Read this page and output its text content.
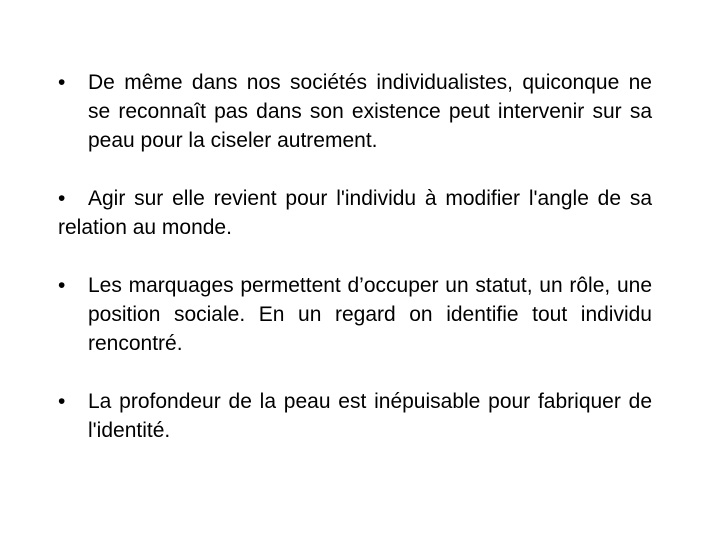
•	De même dans nos sociétés individualistes, quiconque ne se reconnaît pas dans son existence peut intervenir sur sa peau pour la ciseler autrement.
•	Agir sur elle revient pour l'individu à modifier l'angle de sa relation au monde.
•	Les marquages permettent d’occuper un statut, un rôle, une position sociale. En un regard on identifie tout individu rencontré.
•	La profondeur de la peau est inépuisable pour fabriquer de l'identité.
